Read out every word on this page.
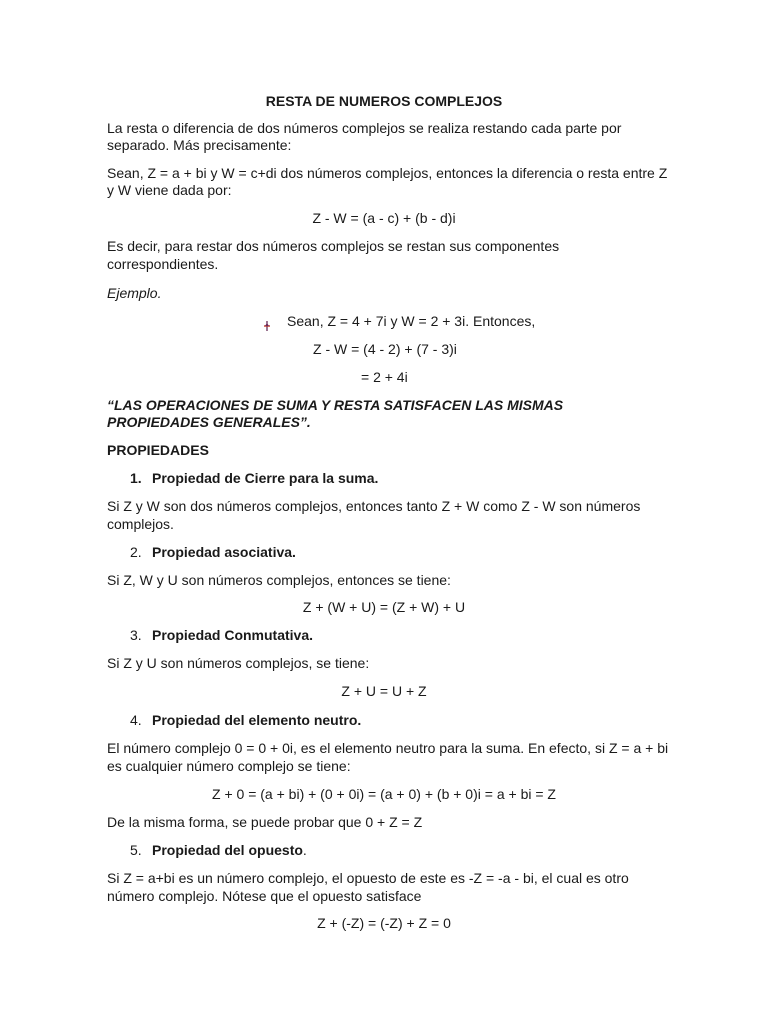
RESTA DE NUMEROS COMPLEJOS
La resta o diferencia de dos números complejos se realiza restando cada parte por
separado. Más precisamente:
Sean, Z = a + bi y W = c+di dos números complejos, entonces la diferencia o resta entre Z
y W viene dada por:
Z - W = (a - c) + (b - d)i
Es decir, para restar dos números complejos se restan sus componentes
correspondientes.
Ejemplo.
Sean, Z = 4 + 7i y W = 2 + 3i. Entonces,
Z - W = (4 - 2) + (7 - 3)i
= 2 + 4i
“LAS OPERACIONES DE SUMA Y RESTA SATISFACEN LAS MISMAS
PROPIEDADES GENERALES”.
PROPIEDADES
1. Propiedad de Cierre para la suma.
Si Z y W son dos números complejos, entonces tanto Z + W como Z - W son números
complejos.
2. Propiedad asociativa.
Si Z, W y U son números complejos, entonces se tiene:
Z + (W + U) = (Z + W) + U
3. Propiedad Conmutativa.
Si Z y U son números complejos, se tiene:
Z + U = U + Z
4. Propiedad del elemento neutro.
El número complejo 0 = 0 + 0i, es el elemento neutro para la suma. En efecto, si Z = a + bi
es cualquier número complejo se tiene:
Z + 0 = (a + bi) + (0 + 0i) = (a + 0) + (b + 0)i = a + bi = Z
De la misma forma, se puede probar que 0 + Z = Z
5. Propiedad del opuesto.
Si Z = a+bi es un número complejo, el opuesto de este es -Z = -a - bi, el cual es otro
número complejo. Nótese que el opuesto satisface
Z + (-Z) = (-Z) + Z = 0
